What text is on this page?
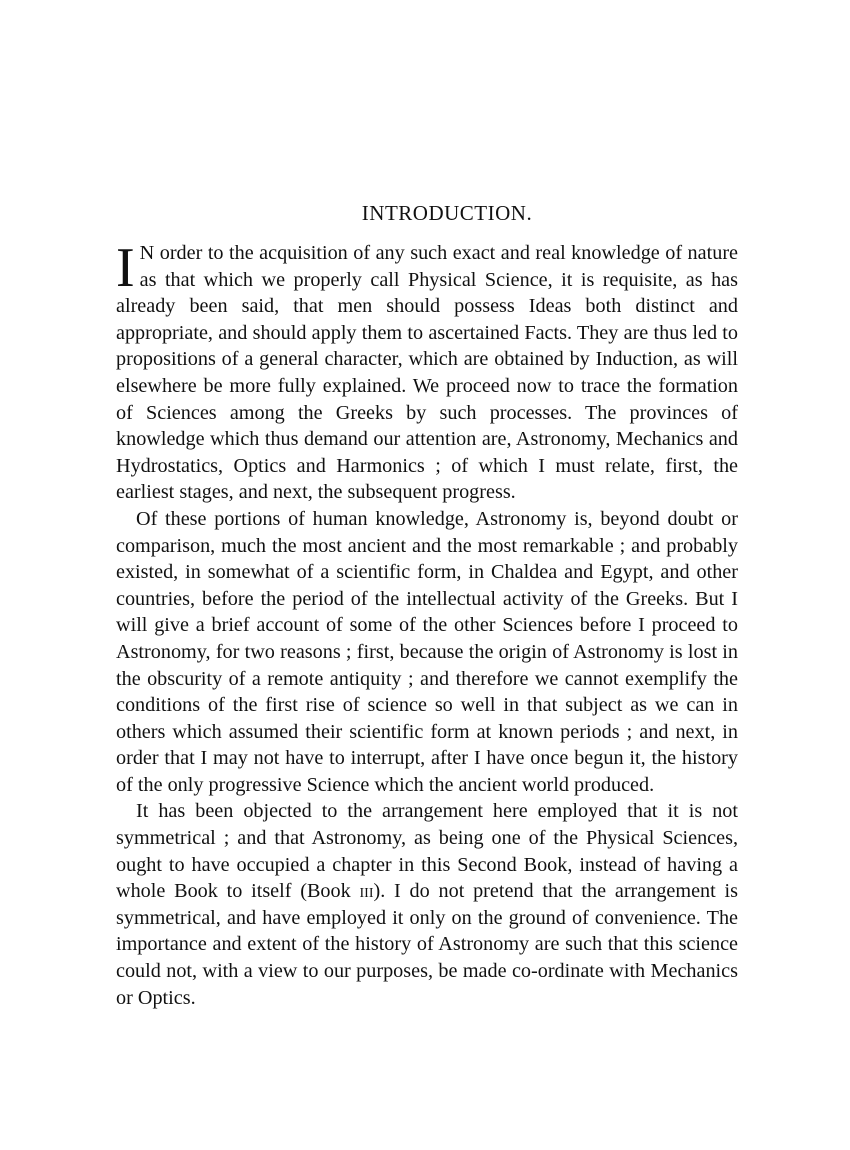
INTRODUCTION.

I N order to the acquisition of any such exact and real knowledge of nature as that which we properly call Physical Science, it is requisite, as has already been said, that men should possess Ideas both distinct and appropriate, and should apply them to ascertained Facts. They are thus led to propositions of a general character, which are obtained by Induction, as will elsewhere be more fully explained. We proceed now to trace the formation of Sciences among the Greeks by such processes. The provinces of knowledge which thus demand our attention are, Astronomy, Mechanics and Hydrostatics, Optics and Harmonics ; of which I must relate, first, the earliest stages, and next, the subsequent progress.

Of these portions of human knowledge, Astronomy is, beyond doubt or comparison, much the most ancient and the most remarkable ; and probably existed, in somewhat of a scientific form, in Chaldea and Egypt, and other countries, before the period of the intellectual activity of the Greeks. But I will give a brief account of some of the other Sciences before I proceed to Astronomy, for two reasons ; first, because the origin of Astronomy is lost in the obscurity of a remote antiquity ; and therefore we cannot exemplify the conditions of the first rise of science so well in that subject as we can in others which assumed their scientific form at known periods ; and next, in order that I may not have to interrupt, after I have once begun it, the history of the only progressive Science which the ancient world produced.

It has been objected to the arrangement here employed that it is not symmetrical ; and that Astronomy, as being one of the Physical Sciences, ought to have occupied a chapter in this Second Book, instead of having a whole Book to itself (Book iii). I do not pretend that the arrangement is symmetrical, and have employed it only on the ground of convenience. The importance and extent of the history of Astronomy are such that this science could not, with a view to our purposes, be made co-ordinate with Mechanics or Optics.
